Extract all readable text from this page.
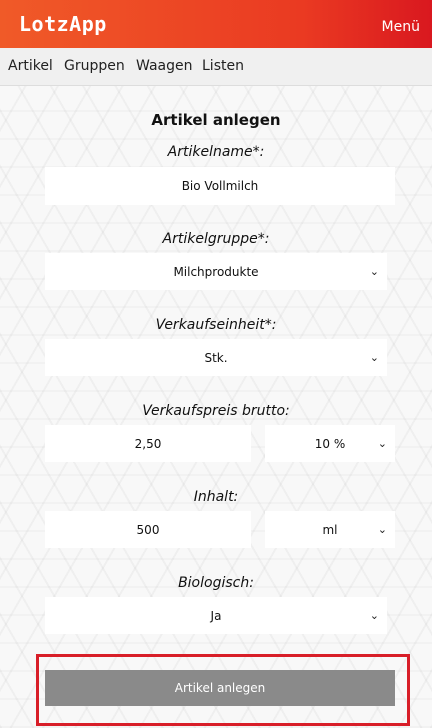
LotzApp	Menü
Artikel Gruppen Waagen Listen
Artikel anlegen
Artikelname*:
Bio Vollmilch
Artikelgruppe*:
Milchprodukte	⌄
Verkaufseinheit*:
Stk.	⌄
Verkaufspreis brutto:
2,50	10 %	⌄
Inhalt:
500	ml	⌄
Biologisch:
Ja	⌄
Artikel anlegen
